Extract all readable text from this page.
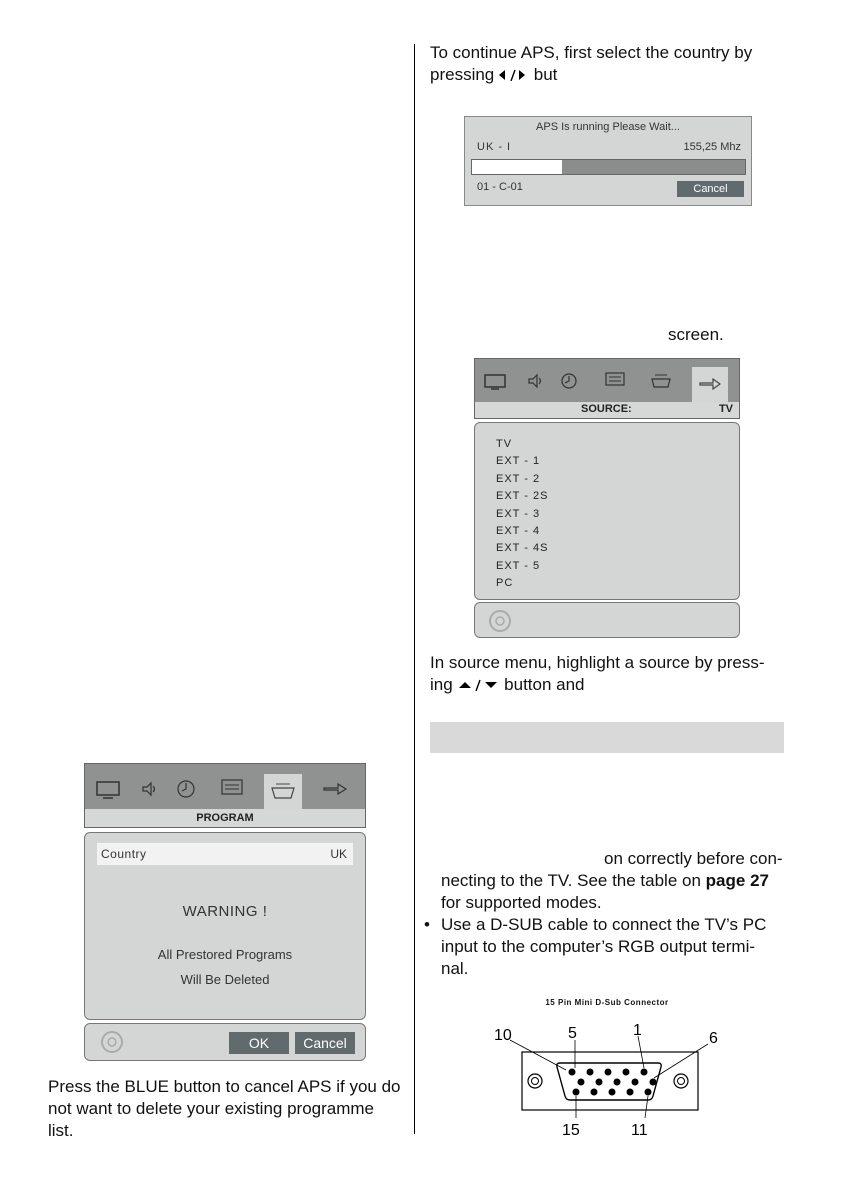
To continue APS, first select the country by
pressing but
APS Is running Please Wait...
UK - I	155,25 Mhz
01 - C-01	Cancel
screen.
SOURCE:	TV
TV
EXT - 1
EXT - 2
EXT - 2S
EXT - 3
EXT - 4
EXT - 4S
EXT - 5
PC
In source menu, highlight a source by press-
ing	button and
on correctly before con-
necting to the TV. See the table on page 27
for supported modes.
• Use a D-SUB cable to connect the TV’s PC
input to the computer’s RGB output termi-
nal.
15 Pin Mini D-Sub Connector
10	5	1	6
15	11
PROGRAM
Country	UK
WARNING !
All Prestored Programs
Will Be Deleted
OK	Cancel
Press the BLUE button to cancel APS if you do
not want to delete your existing programme
list.
